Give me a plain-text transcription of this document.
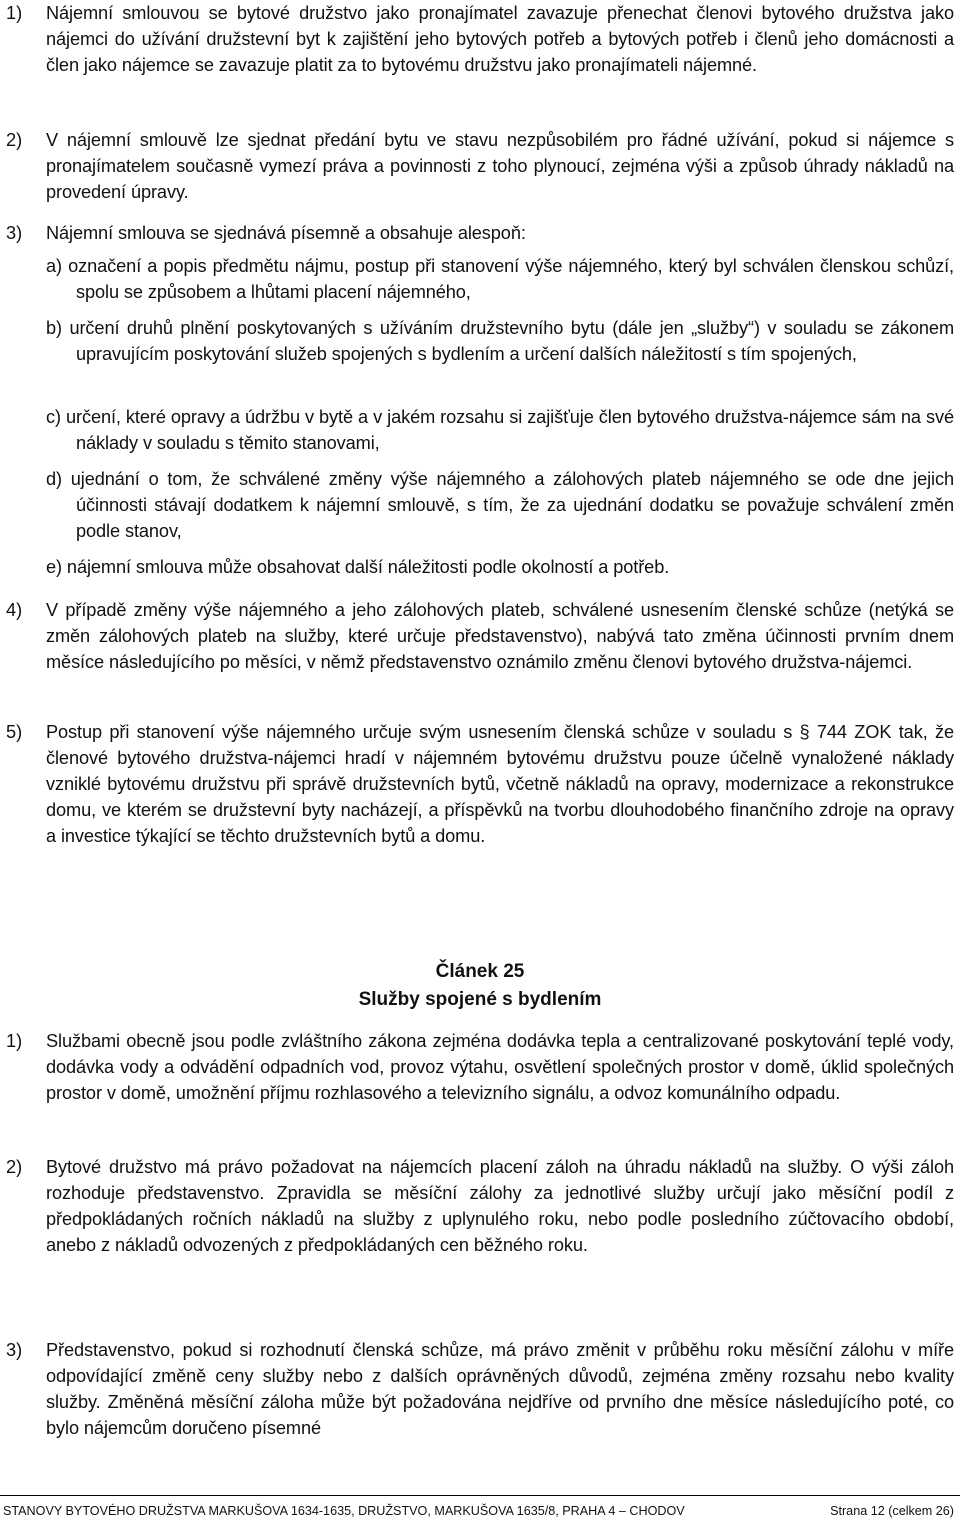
1) Nájemní smlouvou se bytové družstvo jako pronajímatel zavazuje přenechat členovi bytového družstva jako nájemci do užívání družstevní byt k zajištění jeho bytových potřeb a bytových potřeb i členů jeho domácnosti a člen jako nájemce se zavazuje platit za to bytovému družstvu jako pronajímateli nájemné.
2) V nájemní smlouvě lze sjednat předání bytu ve stavu nezpůsobilém pro řádné užívání, pokud si nájemce s pronajímatelem současně vymezí práva a povinnosti z toho plynoucí, zejména výši a způsob úhrady nákladů na provedení úpravy.
3) Nájemní smlouva se sjednává písemně a obsahuje alespoň:
a) označení a popis předmětu nájmu, postup při stanovení výše nájemného, který byl schválen členskou schůzí, spolu se způsobem a lhůtami placení nájemného,
b) určení druhů plnění poskytovaných s užíváním družstevního bytu (dále jen „služby“) v souladu se zákonem upravujícím poskytování služeb spojených s bydlením a určení dalších náležitostí s tím spojených,
c) určení, které opravy a údržbu v bytě a v jakém rozsahu si zajišťuje člen bytového družstva-nájemce sám na své náklady v souladu s těmito stanovami,
d) ujednání o tom, že schválené změny výše nájemného a zálohových plateb nájemného se ode dne jejich účinnosti stávají dodatkem k nájemní smlouvě, s tím, že za ujednání dodatku se považuje schválení změn podle stanov,
e) nájemní smlouva může obsahovat další náležitosti podle okolností a potřeb.
4) V případě změny výše nájemného a jeho zálohových plateb, schválené usnesením členské schůze (netýká se změn zálohových plateb na služby, které určuje představenstvo), nabývá tato změna účinnosti prvním dnem měsíce následujícího po měsíci, v němž představenstvo oznámilo změnu členovi bytového družstva-nájemci.
5) Postup při stanovení výše nájemného určuje svým usnesením členská schůze v souladu s § 744 ZOK tak, že členové bytového družstva-nájemci hradí v nájemném bytovému družstvu pouze účelně vynaložené náklady vzniklé bytovému družstvu při správě družstevních bytů, včetně nákladů na opravy, modernizace a rekonstrukce domu, ve kterém se družstevní byty nacházejí, a příspěvků na tvorbu dlouhodobého finančního zdroje na opravy a investice týkající se těchto družstevních bytů a domu.
Článek 25
Služby spojené s bydlením
1) Službami obecně jsou podle zvláštního zákona zejména dodávka tepla a centralizované poskytování teplé vody, dodávka vody a odvádění odpadních vod, provoz výtahu, osvětlení společných prostor v domě, úklid společných prostor v domě, umožnění příjmu rozhlasového a televizního signálu, a odvoz komunálního odpadu.
2) Bytové družstvo má právo požadovat na nájemcích placení záloh na úhradu nákladů na služby. O výši záloh rozhoduje představenstvo. Zpravidla se měsíční zálohy za jednotlivé služby určují jako měsíční podíl z předpokládaných ročních nákladů na služby z uplynulého roku, nebo podle posledního zúčtovacího období, anebo z nákladů odvozených z předpokládaných cen běžného roku.
3) Představenstvo, pokud si rozhodnutí členská schůze, má právo změnit v průběhu roku měsíční zálohu v míře odpovídající změně ceny služby nebo z dalších oprávněných důvodů, zejména změny rozsahu nebo kvality služby. Změněná měsíční záloha může být požadována nejdříve od prvního dne měsíce následujícího poté, co bylo nájemcům doručeno písemné
STANOVY BYTOVÉHO DRUŽSTVA MARKUŠOVA 1634-1635, DRUŽSTVO, MARKUŠOVA 1635/8, PRAHA 4 – CHODOV	Strana 12 (celkem 26)
